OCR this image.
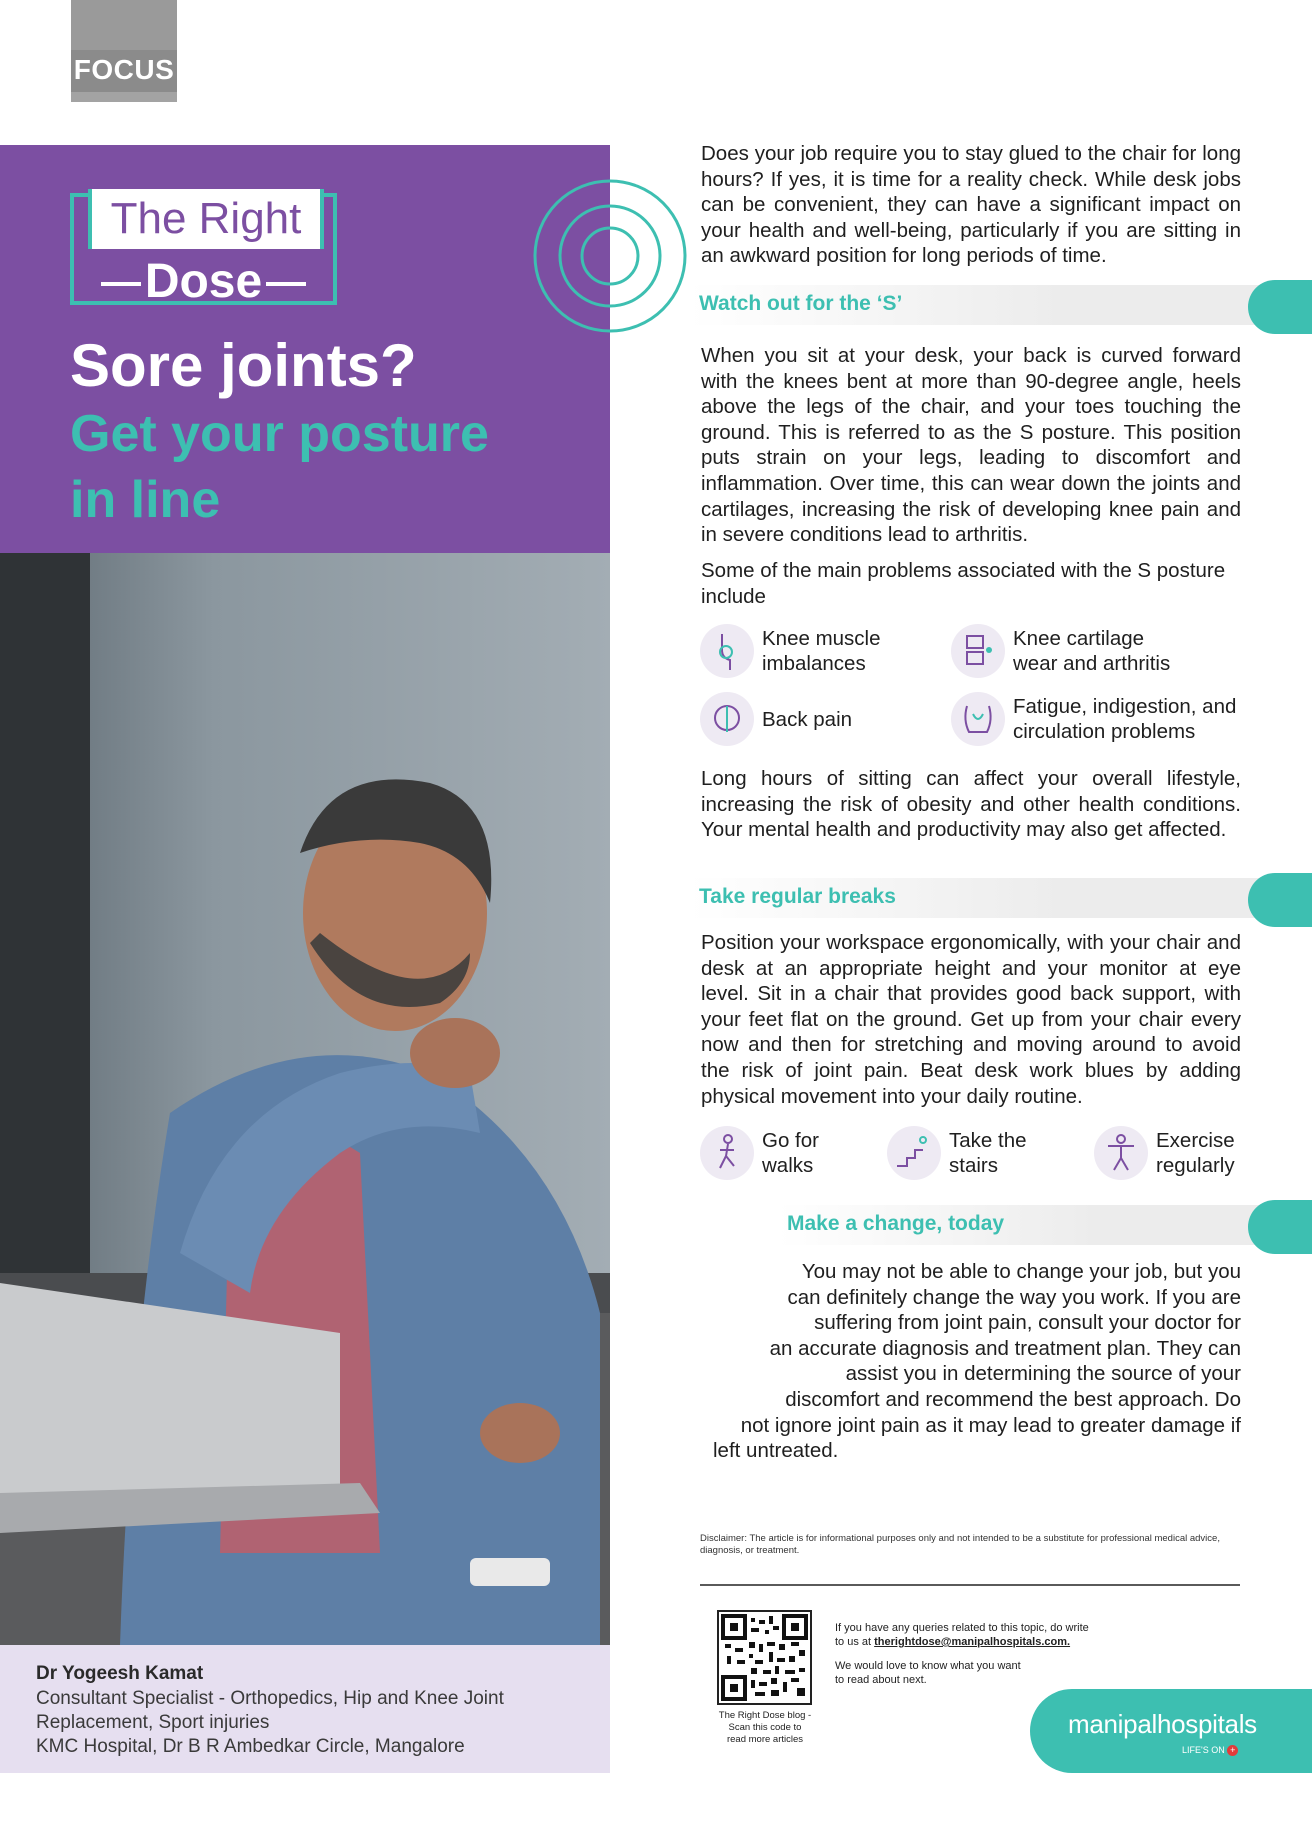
FOCUS
The Right
Dose
Sore joints?
Get your posture
in line
Dr Yogeesh Kamat
Consultant Specialist - Orthopedics, Hip and Knee Joint
Replacement, Sport injuries
KMC Hospital, Dr B R Ambedkar Circle, Mangalore
Does your job require you to stay glued to the chair for long hours? If yes, it is time for a reality check. While desk jobs can be convenient, they can have a significant impact on your health and well-being, particularly if you are sitting in an awkward position for long periods of time.
Watch out for the ‘S’
When you sit at your desk, your back is curved forward with the knees bent at more than 90-degree angle, heels above the legs of the chair, and your toes touching the ground. This is referred to as the S posture. This position puts strain on your legs, leading to discomfort and inflammation. Over time, this can wear down the joints and cartilages, increasing the risk of developing knee pain and in severe conditions lead to arthritis.
Some of the main problems associated with the S posture include
Knee muscle
imbalances
Knee cartilage
wear and arthritis
Back pain
Fatigue, indigestion, and
circulation problems
Long hours of sitting can affect your overall lifestyle, increasing the risk of obesity and other health conditions. Your mental health and productivity may also get affected.
Take regular breaks
Position your workspace ergonomically, with your chair and desk at an appropriate height and your monitor at eye level. Sit in a chair that provides good back support, with your feet flat on the ground. Get up from your chair every now and then for stretching and moving around to avoid the risk of joint pain. Beat desk work blues by adding physical movement into your daily routine.
Go for
walks
Take the
stairs
Exercise
regularly
Make a change, today
You may not be able to change your job, but you
can definitely change the way you work. If you are
suffering from joint pain, consult your doctor for
an accurate diagnosis and treatment plan. They can
assist you in determining the source of your
discomfort and recommend the best approach. Do
not ignore joint pain as it may lead to greater damage if
left untreated.
Disclaimer: The article is for informational purposes only and not intended to be a substitute for professional medical advice, diagnosis, or treatment.
The Right Dose blog -
Scan this code to
read more articles
If you have any queries related to this topic, do write
to us at therightdose@manipalhospitals.com.
We would love to know what you want
to read about next.
manipalhospitals
LIFE'S ON +
